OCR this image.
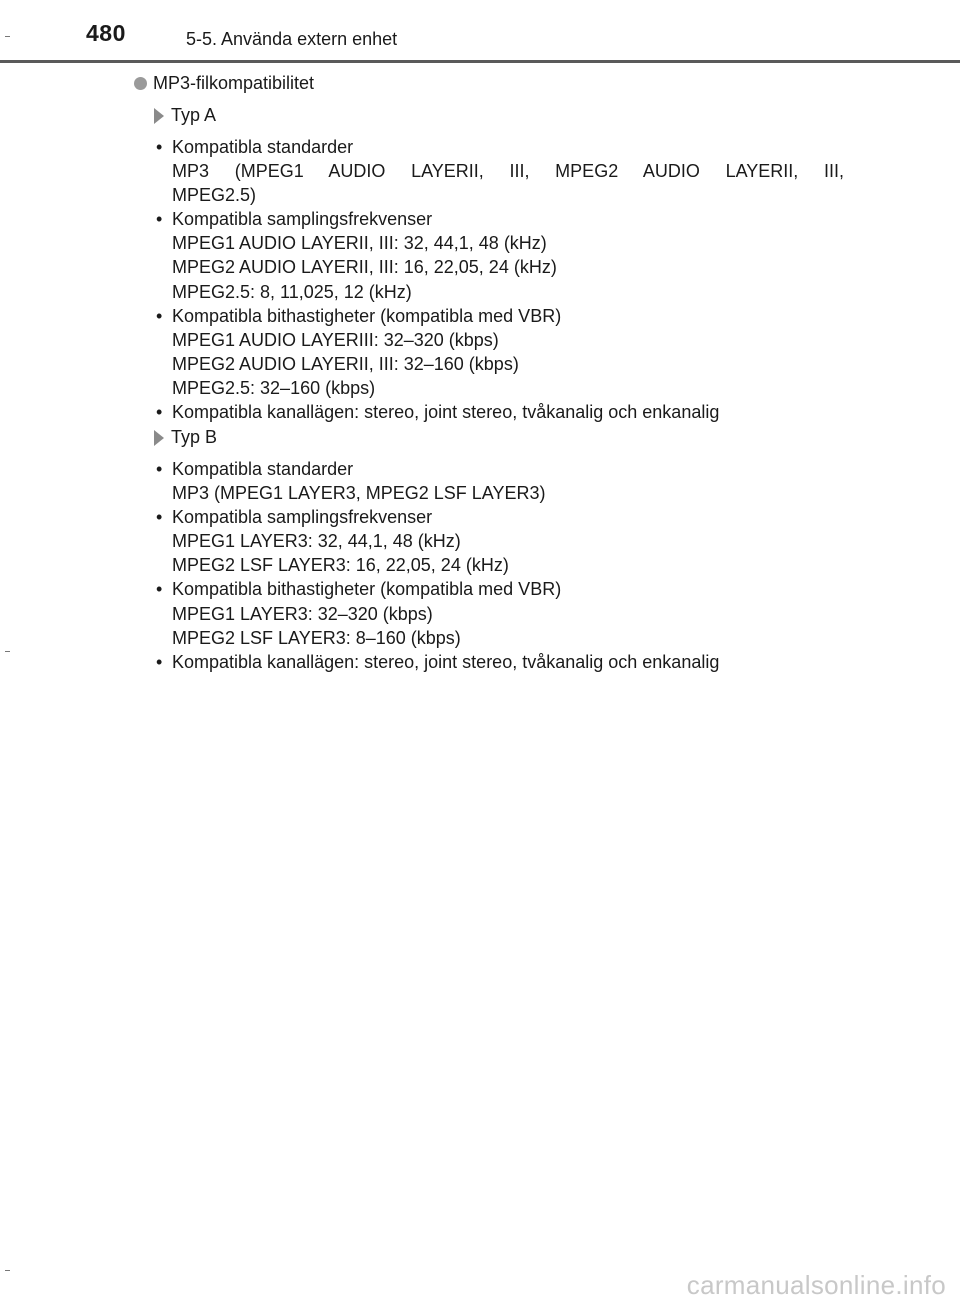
480	5-5. Använda extern enhet
MP3-filkompatibilitet
Typ A
• Kompatibla standarder
MP3 (MPEG1 AUDIO LAYERII, III, MPEG2 AUDIO LAYERII, III,
MPEG2.5)
• Kompatibla samplingsfrekvenser
MPEG1 AUDIO LAYERII, III: 32, 44,1, 48 (kHz)
MPEG2 AUDIO LAYERII, III: 16, 22,05, 24 (kHz)
MPEG2.5: 8, 11,025, 12 (kHz)
• Kompatibla bithastigheter (kompatibla med VBR)
MPEG1 AUDIO LAYERIII: 32–320 (kbps)
MPEG2 AUDIO LAYERII, III: 32–160 (kbps)
MPEG2.5: 32–160 (kbps)
• Kompatibla kanallägen: stereo, joint stereo, tvåkanalig och enkanalig
Typ B
• Kompatibla standarder
MP3 (MPEG1 LAYER3, MPEG2 LSF LAYER3)
• Kompatibla samplingsfrekvenser
MPEG1 LAYER3: 32, 44,1, 48 (kHz)
MPEG2 LSF LAYER3: 16, 22,05, 24 (kHz)
• Kompatibla bithastigheter (kompatibla med VBR)
MPEG1 LAYER3: 32–320 (kbps)
MPEG2 LSF LAYER3: 8–160 (kbps)
• Kompatibla kanallägen: stereo, joint stereo, tvåkanalig och enkanalig
carmanualsonline.info
